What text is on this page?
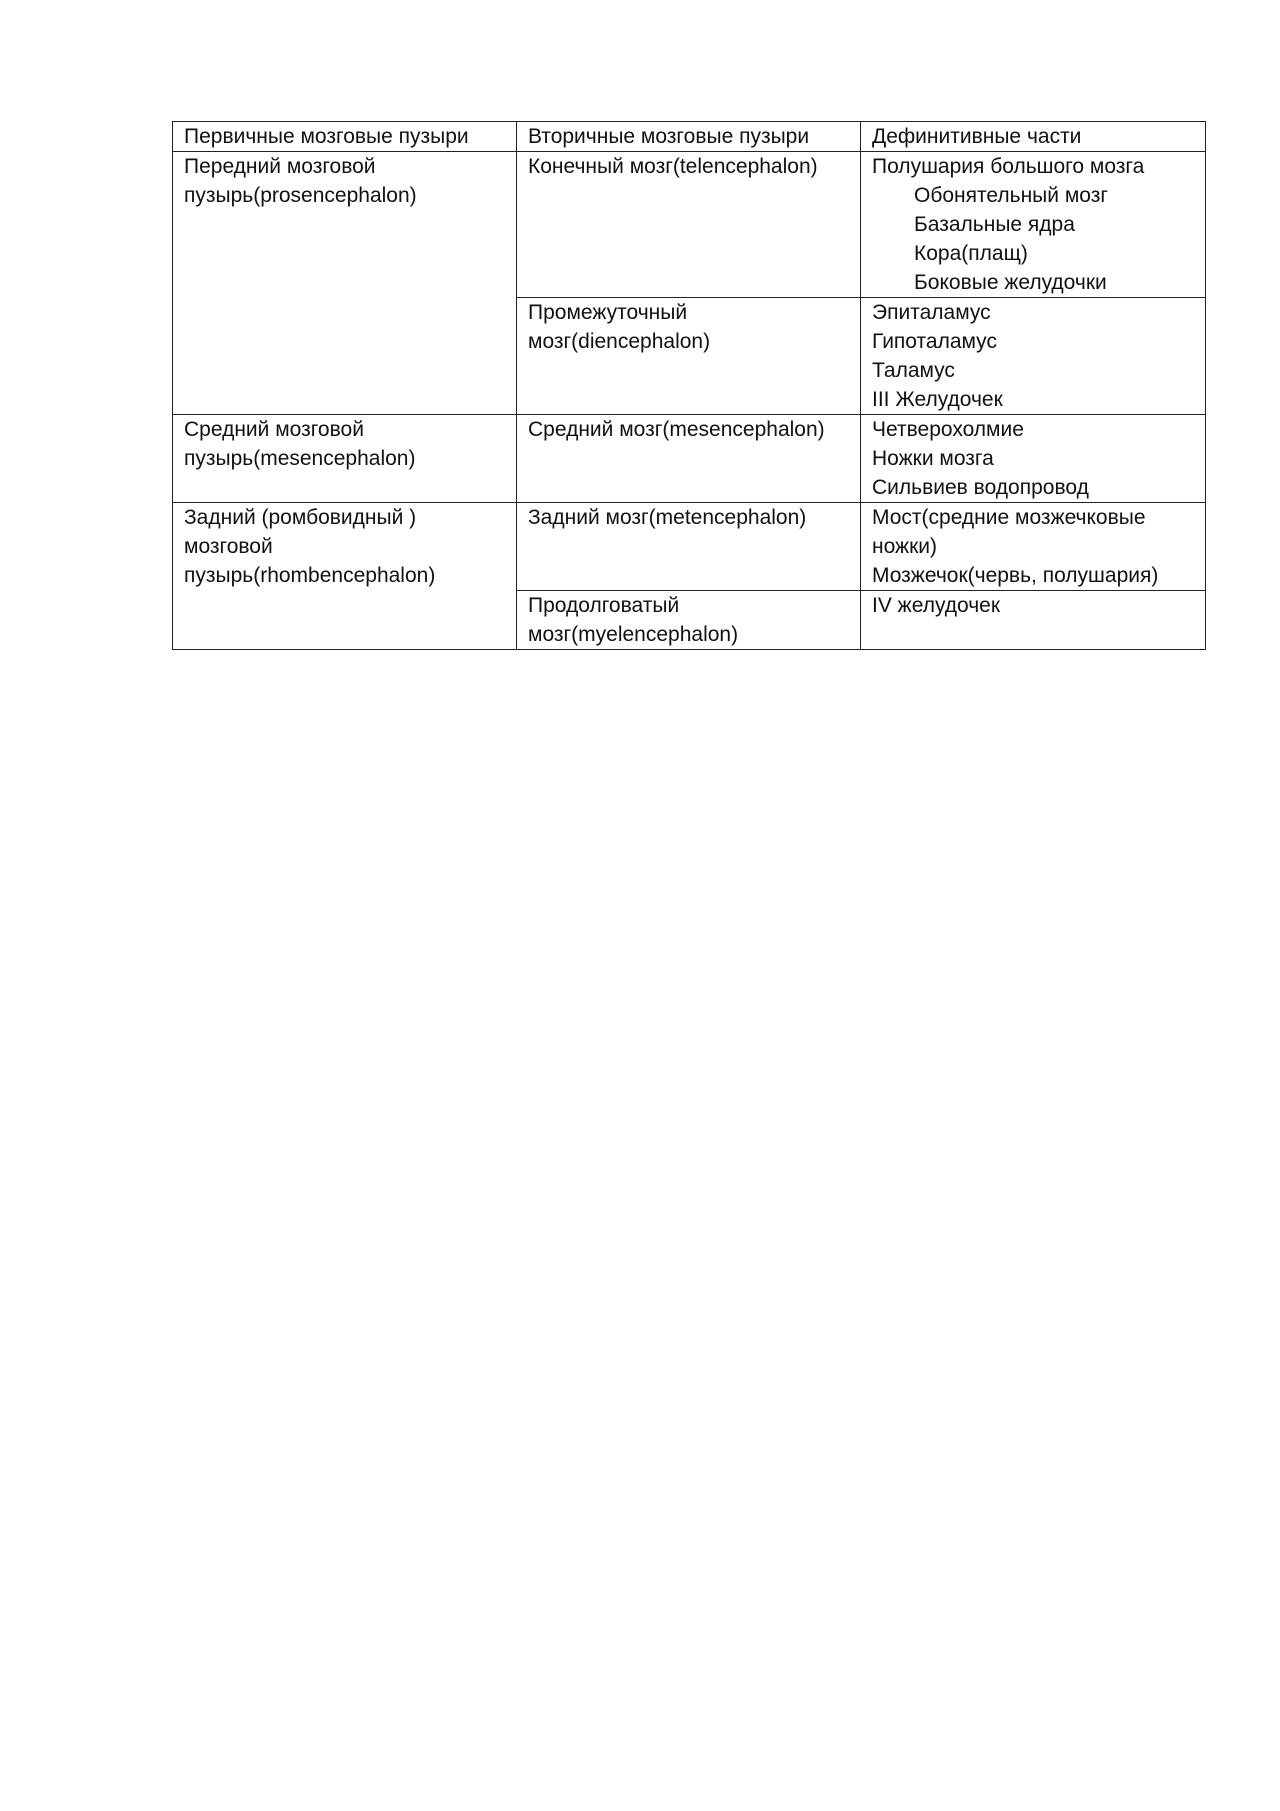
Первичные мозговые пузыри	Вторичные мозговые пузыри	Дефинитивные части

Передний мозговой
пузырь(prosencephalon)	Конечный мозг(telencephalon)	Полушария большого мозга
Обонятельный мозг
Базальные ядра
Кора(плащ)
Боковые желудочки

	Промежуточный
мозг(diencephalon)	Эпиталамус
Гипоталамус
Таламус
III Желудочек

Средний мозговой
пузырь(mesencephalon)	Средний мозг(mesencephalon)	Четверохолмие
Ножки мозга
Сильвиев водопровод

Задний (ромбовидный )
мозговой
пузырь(rhombencephalon)	Задний мозг(metencephalon)	Мост(средние мозжечковые
ножки)
Мозжечок(червь, полушария)

	Продолговатый
мозг(myelencephalon)	IV желудочек
